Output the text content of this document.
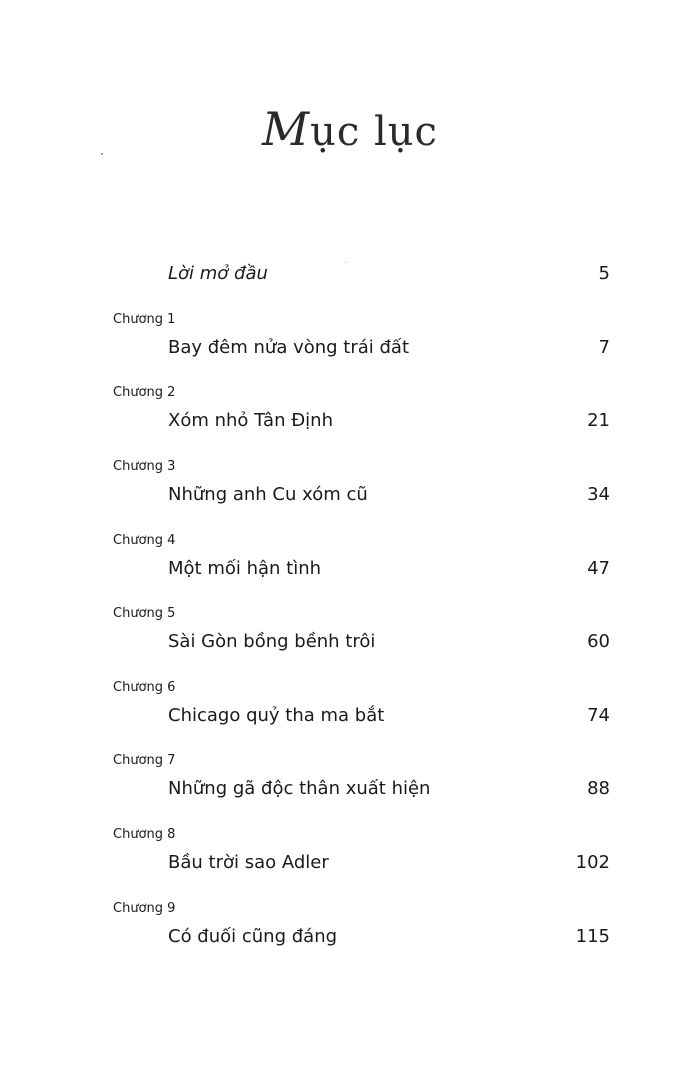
Mục lục
Lời mở đầu	5
Chương 1
Bay đêm nửa vòng trái đất	7
Chương 2
Xóm nhỏ Tân Định	21
Chương 3
Những anh Cu xóm cũ	34
Chương 4
Một mối hận tình	47
Chương 5
Sài Gòn bồng bềnh trôi	60
Chương 6
Chicago quỷ tha ma bắt	74
Chương 7
Những gã độc thân xuất hiện	88
Chương 8
Bầu trời sao Adler	102
Chương 9
Có đuối cũng đáng	115
